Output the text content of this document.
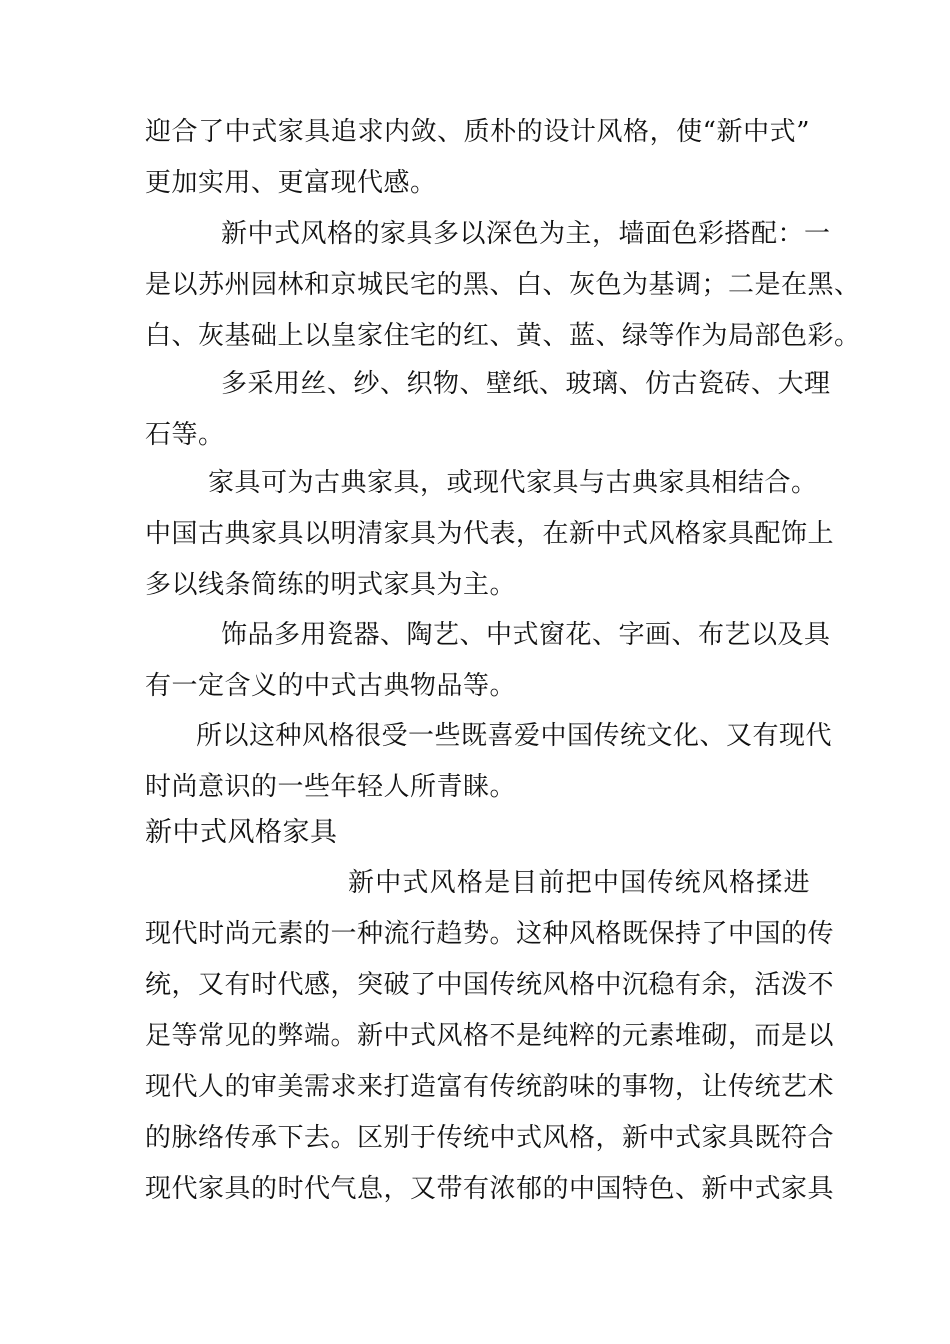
迎合了中式家具追求内敛、质朴的设计风格，使“新中式”
更加实用、更富现代感。
新中式风格的家具多以深色为主，墙面色彩搭配：一
是以苏州园林和京城民宅的黑、白、灰色为基调；二是在黑、
白、灰基础上以皇家住宅的红、黄、蓝、绿等作为局部色彩。
多采用丝、纱、织物、壁纸、玻璃、仿古瓷砖、大理
石等。
家具可为古典家具，或现代家具与古典家具相结合。
中国古典家具以明清家具为代表，在新中式风格家具配饰上
多以线条简练的明式家具为主。
饰品多用瓷器、陶艺、中式窗花、字画、布艺以及具
有一定含义的中式古典物品等。
所以这种风格很受一些既喜爱中国传统文化、又有现代
时尚意识的一些年轻人所青睐。
新中式风格家具
新中式风格是目前把中国传统风格揉进
现代时尚元素的一种流行趋势。这种风格既保持了中国的传
统，又有时代感，突破了中国传统风格中沉稳有余，活泼不
足等常见的弊端。新中式风格不是纯粹的元素堆砌，而是以
现代人的审美需求来打造富有传统韵味的事物，让传统艺术
的脉络传承下去。区别于传统中式风格，新中式家具既符合
现代家具的时代气息，又带有浓郁的中国特色、新中式家具
